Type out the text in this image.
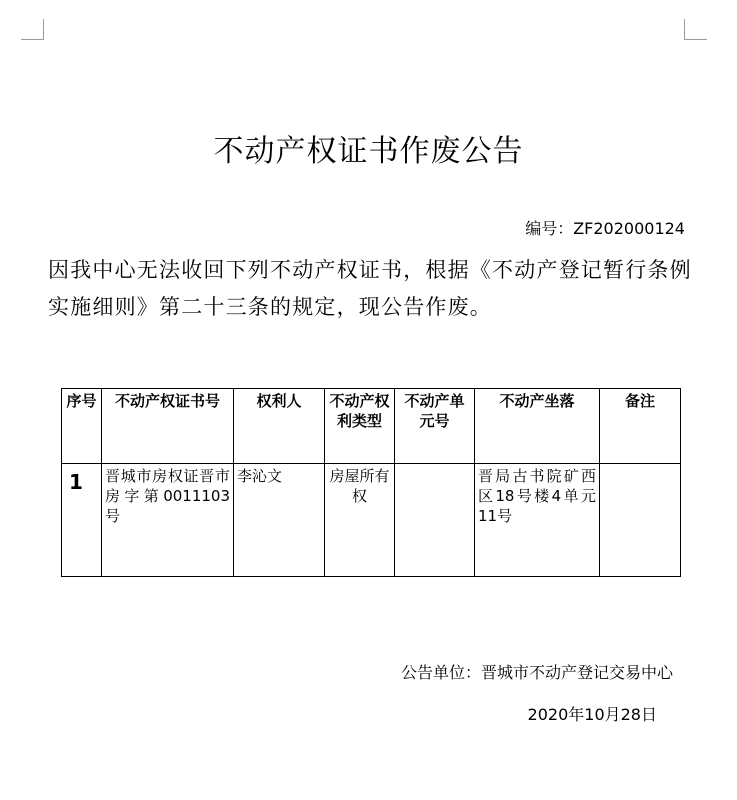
不动产权证书作废公告
编号：ZF202000124
因我中心无法收回下列不动产权证书，根据《不动产登记暂行条例实施细则》第二十三条的规定，现公告作废。
序号	不动产权证书号	权利人	不动产权利类型	不动产单元号	不动产坐落	备注
1	晋城市房权证晋市房字第0011103号	李沁文	房屋所有权		晋局古书院矿西区18号楼4单元11号	
公告单位：晋城市不动产登记交易中心
2020年10月28日
